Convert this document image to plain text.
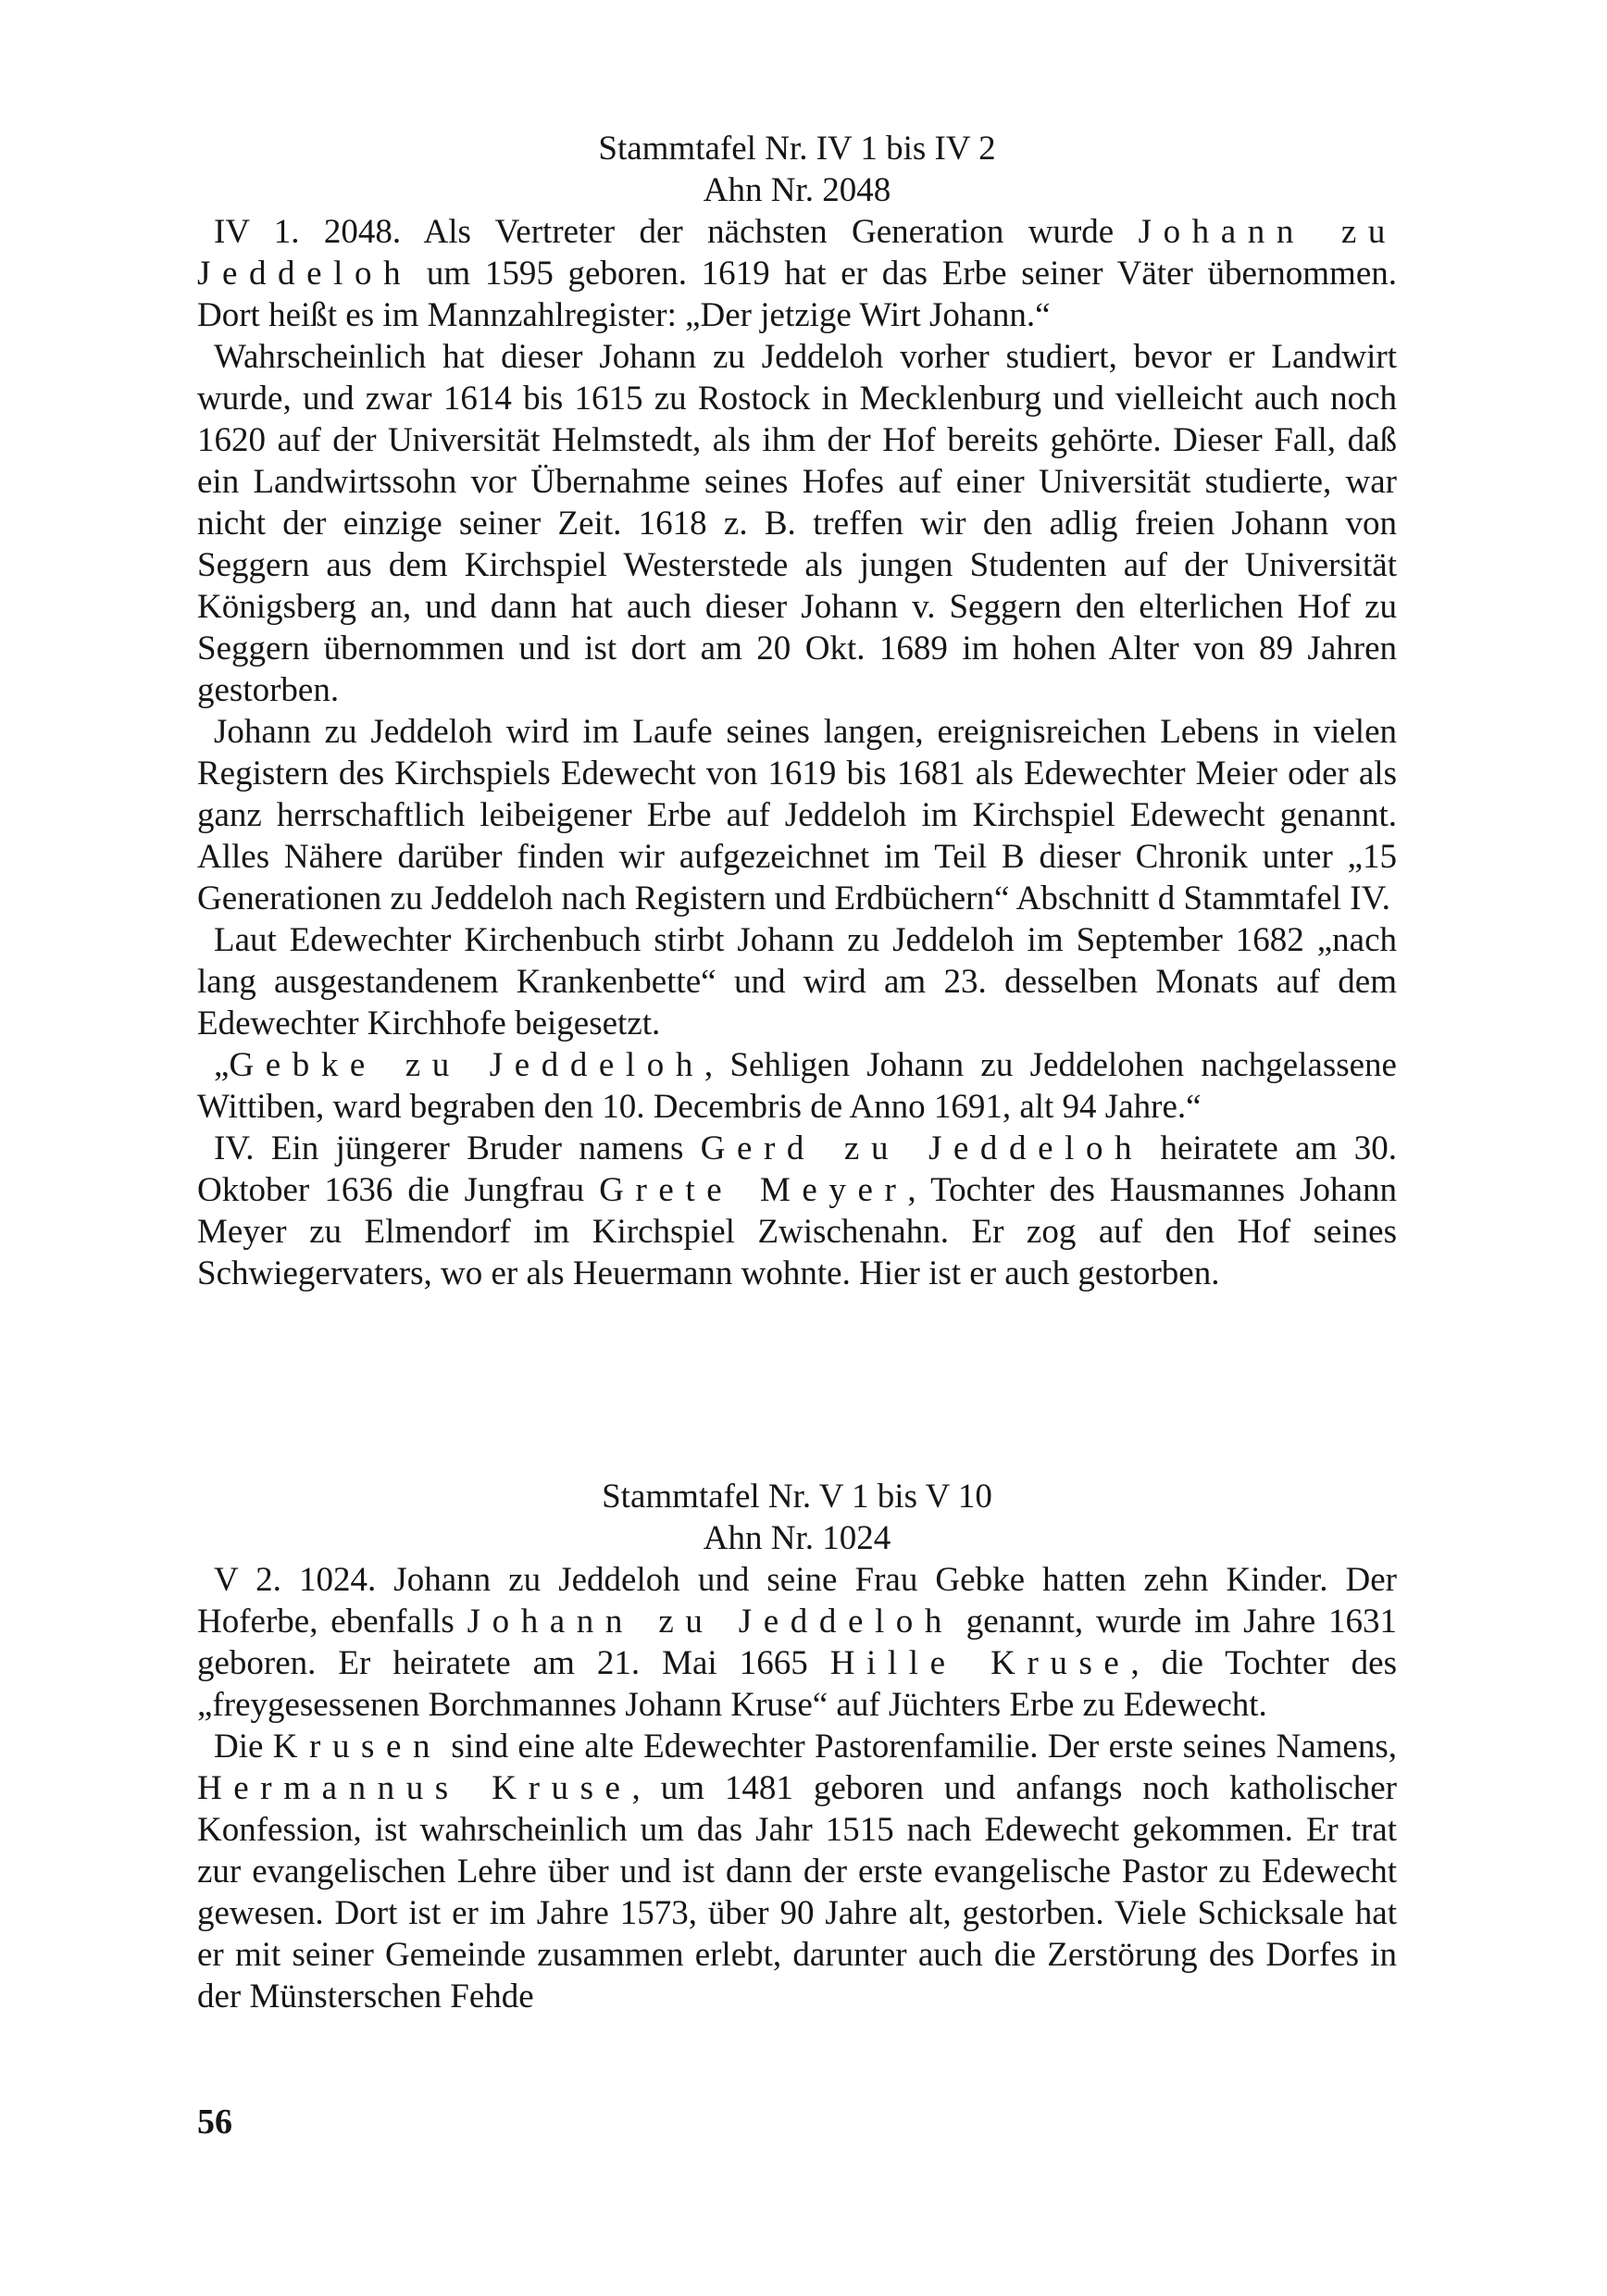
Stammtafel Nr. IV 1 bis IV 2
Ahn Nr. 2048

IV 1. 2048. Als Vertreter der nächsten Generation wurde Johann zu Jeddeloh um 1595 geboren. 1619 hat er das Erbe seiner Väter übernommen. Dort heißt es im Mannzahlregister: „Der jetzige Wirt Johann.“

Wahrscheinlich hat dieser Johann zu Jeddeloh vorher studiert, bevor er Landwirt wurde, und zwar 1614 bis 1615 zu Rostock in Mecklenburg und vielleicht auch noch 1620 auf der Universität Helmstedt, als ihm der Hof bereits gehörte. Dieser Fall, daß ein Landwirtssohn vor Übernahme seines Hofes auf einer Universität studierte, war nicht der einzige seiner Zeit. 1618 z. B. treffen wir den adlig freien Johann von Seggern aus dem Kirchspiel Westerstede als jungen Studenten auf der Universität Königsberg an, und dann hat auch dieser Johann v. Seggern den elterlichen Hof zu Seggern übernommen und ist dort am 20 Okt. 1689 im hohen Alter von 89 Jahren gestorben.

Johann zu Jeddeloh wird im Laufe seines langen, ereignisreichen Lebens in vielen Registern des Kirchspiels Edewecht von 1619 bis 1681 als Edewechter Meier oder als ganz herrschaftlich leibeigener Erbe auf Jeddeloh im Kirchspiel Edewecht genannt. Alles Nähere darüber finden wir aufgezeichnet im Teil B dieser Chronik unter „15 Generationen zu Jeddeloh nach Registern und Erdbüchern“ Abschnitt d Stammtafel IV.

Laut Edewechter Kirchenbuch stirbt Johann zu Jeddeloh im September 1682 „nach lang ausgestandenem Krankenbette“ und wird am 23. desselben Monats auf dem Edewechter Kirchhofe beigesetzt.

„Gebke zu Jeddeloh, Sehligen Johann zu Jeddelohen nachgelassene Wittiben, ward begraben den 10. Decembris de Anno 1691, alt 94 Jahre.“

IV. Ein jüngerer Bruder namens Gerd zu Jeddeloh heiratete am 30. Oktober 1636 die Jungfrau Grete Meyer, Tochter des Hausmannes Johann Meyer zu Elmendorf im Kirchspiel Zwischenahn. Er zog auf den Hof seines Schwiegervaters, wo er als Heuermann wohnte. Hier ist er auch gestorben.

Stammtafel Nr. V 1 bis V 10
Ahn Nr. 1024

V 2. 1024. Johann zu Jeddeloh und seine Frau Gebke hatten zehn Kinder. Der Hoferbe, ebenfalls Johann zu Jeddeloh genannt, wurde im Jahre 1631 geboren. Er heiratete am 21. Mai 1665 Hille Kruse, die Tochter des „freygesessenen Borchmannes Johann Kruse“ auf Jüchters Erbe zu Edewecht.

Die Krusen sind eine alte Edewechter Pastorenfamilie. Der erste seines Namens, Hermannus Kruse, um 1481 geboren und anfangs noch katholischer Konfession, ist wahrscheinlich um das Jahr 1515 nach Edewecht gekommen. Er trat zur evangelischen Lehre über und ist dann der erste evangelische Pastor zu Edewecht gewesen. Dort ist er im Jahre 1573, über 90 Jahre alt, gestorben. Viele Schicksale hat er mit seiner Gemeinde zusammen erlebt, darunter auch die Zerstörung des Dorfes in der Münsterschen Fehde

56
